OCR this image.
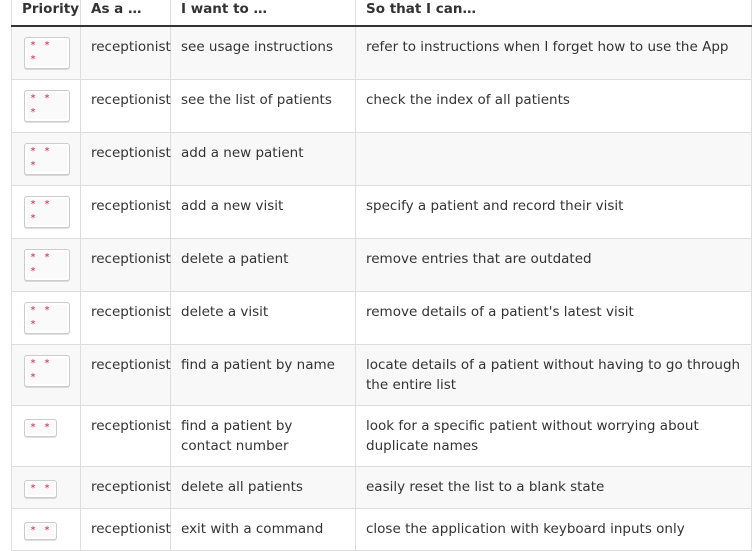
Priority	As a …	I want to …	So that I can…
* * *	receptionist	see usage instructions	refer to instructions when I forget how to use the App
* * *	receptionist	see the list of patients	check the index of all patients
* * *	receptionist	add a new patient	
* * *	receptionist	add a new visit	specify a patient and record their visit
* * *	receptionist	delete a patient	remove entries that are outdated
* * *	receptionist	delete a visit	remove details of a patient's latest visit
* * *	receptionist	find a patient by name	locate details of a patient without having to go through the entire list
* *	receptionist	find a patient by contact number	look for a specific patient without worrying about duplicate names
* *	receptionist	delete all patients	easily reset the list to a blank state
* *	receptionist	exit with a command	close the application with keyboard inputs only
